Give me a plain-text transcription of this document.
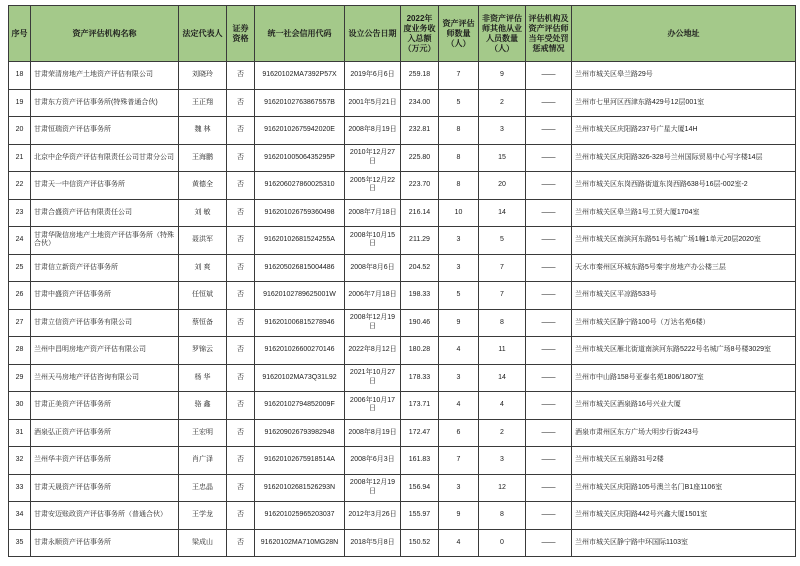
序号	资产评估机构名称	法定代表人	证券资格	统一社会信用代码	设立公告日期	2022年度业务收入总额（万元）	资产评估师数量（人）	非资产评估师其他从业人员数量（人）	评估机构及资产评估师当年受处罚惩戒情况	办公地址
18	甘肃荣清房地产土地资产评估有限公司	刘晓玲	否	91620102MA7392P57X	2019年6月6日	259.18	7	9	——	兰州市城关区皋兰路29号
19	甘肃东方资产评估事务所(特殊普通合伙)	王正翔	否	91620102763867557B	2001年5月21日	234.00	5	2	——	兰州市七里河区西津东路429号12层001室
20	甘肃恒瑞资产评估事务所	魏 林	否	91620102675942020E	2008年8月19日	232.81	8	3	——	兰州市城关区庆阳路237号广星大厦14H
21	北京中企华资产评估有限责任公司甘肃分公司	王海鹏	否	91620100506435295P	2010年12月27日	225.80	8	15	——	兰州市城关区庆阳路326-328号兰州国际贸易中心写字楼14层
22	甘肃天一中信资产评估事务所	黄德全	否	916206027860025310	2005年12月22日	223.70	8	20	——	兰州市城关区东岗西路街道东岗西路638号16层-002室-2
23	甘肃合盛资产评估有限责任公司	刘 敏	否	916201026759360498	2008年7月18日	216.14	10	14	——	兰州市城关区皋兰路1号工贸大厦1704室
24	甘肃华陇信房地产土地资产评估事务所（特殊合伙）	聂洪军	否	91620102681524255A	2008年10月15日	211.29	3	5	——	兰州市城关区南滨河东路51号名城广场1幢1单元20层2020室
25	甘肃信立新资产评估事务所	刘 爽	否	916205026815004486	2008年8月6日	204.52	3	7	——	天水市秦州区环城东路5号秦宇房地产办公楼三层
26	甘肃中盛资产评估事务所	任恒斌	否	91620102789625001W	2006年7月18日	198.33	5	7	——	兰州市城关区平凉路533号
27	甘肃立信资产评估事务有限公司	蔡恒备	否	916201006815278946	2008年12月19日	190.46	9	8	——	兰州市城关区静宁路100号（万达名苑6楼）
28	兰州中昌明房地产资产评估有限公司	罗锦云	否	916201026600270146	2022年8月12日	180.28	4	11	——	兰州市城关区雁北街道南滨河东路5222号名城广场8号楼3029室
29	兰州天马房地产评估咨询有限公司	杨 华	否	91620102MA73Q31L92	2021年10月27日	178.33	3	14	——	兰州市中山路158号亚泰名苑1806/1807室
30	甘肃正美资产评估事务所	骆 鑫	否	91620102794852009F	2006年10月17日	173.71	4	4	——	兰州市城关区酒泉路16号兴业大厦
31	酒泉弘正资产评估事务所	王宏明	否	916209026793982948	2008年8月19日	172.47	6	2	——	酒泉市肃州区东方广场大明步行街243号
32	兰州华丰资产评估事务所	肖广泽	否	91620102675918514A	2008年6月3日	161.83	7	3	——	兰州市城关区五泉路31号2楼
33	甘肃天晟资产评估事务所	王忠晶	否	91620102681526293N	2008年12月19日	156.94	3	12	——	兰州市城关区庆阳路105号澳兰名门B1座1106室
34	甘肃安迈账政资产评估事务所（普通合伙）	王学龙	否	916201025965203037	2012年3月26日	155.97	9	8	——	兰州市城关区庆阳路442号兴鑫大厦1501室
35	甘肃永顺资产评估事务所	梁成山	否	91620102MA710MG28N	2018年5月8日	150.52	4	0	——	兰州市城关区静宁路中环国际1103室
